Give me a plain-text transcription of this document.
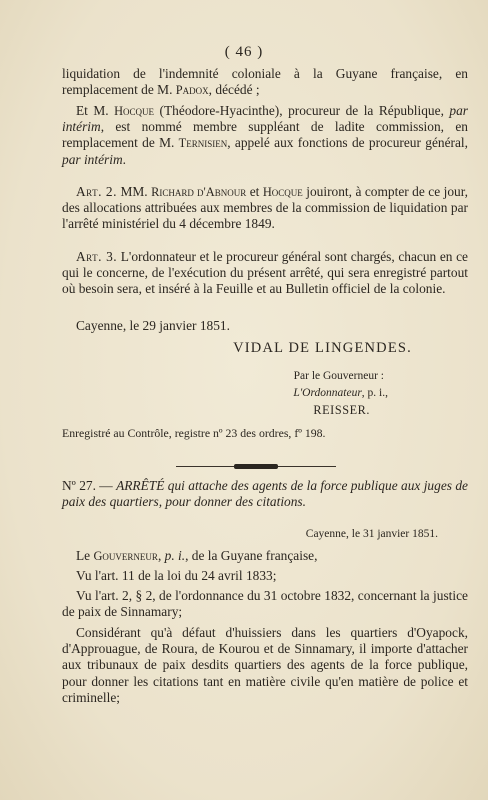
( 46 )

liquidation de l'indemnité coloniale à la Guyane française, en remplacement de M. Padox, décédé ;

Et M. Hocque (Théodore-Hyacinthe), procureur de la République, par intérim, est nommé membre suppléant de ladite commission, en remplacement de M. Ternisien, appelé aux fonctions de procureur général, par intérim.

Art. 2. MM. Richard d'Abnour et Hocque jouiront, à compter de ce jour, des allocations attribuées aux membres de la commission de liquidation par l'arrêté ministériel du 4 décembre 1849.

Art. 3. L'ordonnateur et le procureur général sont chargés, chacun en ce qui le concerne, de l'exécution du présent arrêté, qui sera enregistré partout où besoin sera, et inséré à la Feuille et au Bulletin officiel de la colonie.

Cayenne, le 29 janvier 1851.

VIDAL DE LINGENDES.

Par le Gouverneur :

L'Ordonnateur, p. i.,

REISSER.

Enregistré au Contrôle, registre nº 23 des ordres, fº 198.

Nº 27. — ARRÊTÉ qui attache des agents de la force publique aux juges de paix des quartiers, pour donner des citations.

Cayenne, le 31 janvier 1851.

Le Gouverneur, p. i., de la Guyane française,

Vu l'art. 11 de la loi du 24 avril 1833;

Vu l'art. 2, § 2, de l'ordonnance du 31 octobre 1832, concernant la justice de paix de Sinnamary;

Considérant qu'à défaut d'huissiers dans les quartiers d'Oyapock, d'Approuague, de Roura, de Kourou et de Sinnamary, il importe d'attacher aux tribunaux de paix desdits quartiers des agents de la force publique, pour donner les citations tant en matière civile qu'en matière de police et criminelle;
